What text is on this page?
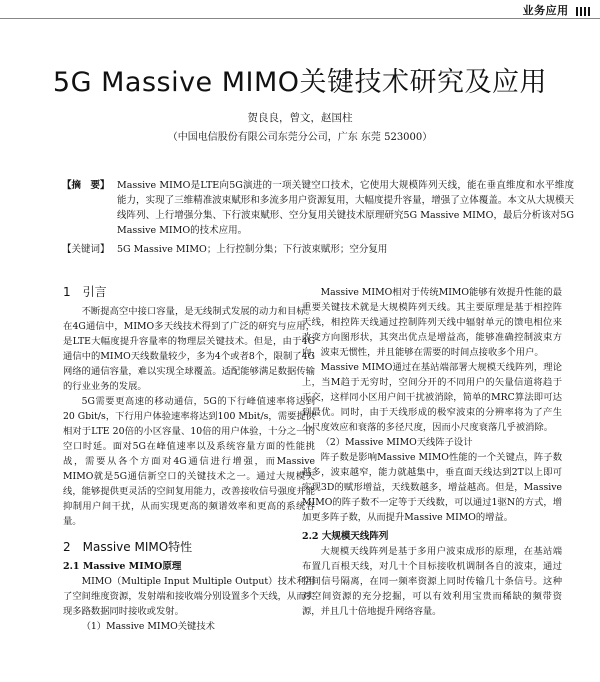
业务应用
5G Massive MIMO关键技术研究及应用
贺良良，曾文，赵国柱
（中国电信股份有限公司东莞分公司，广东 东莞 523000）
【摘　要】 Massive MIMO是LTE向5G演进的一项关键空口技术，它使用大规模阵列天线，能在垂直维度和水平维度能力，实现了三维精准波束赋形和多流多用户资源复用，大幅度提升容量，增强了立体覆盖。本文从大规模天线阵列、上行增强分集、下行波束赋形、空分复用关键技术原理研究5G Massive MIMO，最后分析该对5G Massive MIMO的技术应用。
【关键词】 5G Massive MIMO；上行控制分集；下行波束赋形；空分复用
1　引言

不断提高空中接口容量，是无线制式发展的动力和目标。在4G通信中，MIMO多天线技术得到了广泛的研究与应用，是LTE大幅度提升容量率的物理层关键技术。但是，由于4G通信中的MIMO天线数量较少，多为4个或者8个，限制了4G网络的通信容量，难以实现全球覆盖。适配能够满足数据传输的行业业务的发展。

5G需要更高速的移动通信，5G的下行峰值速率将达到20 Gbit/s，下行用户体验速率将达到100 Mbit/s，需要提供相对于LTE 20倍的小区容量、10倍的用户体验，十分之一的空口时延。面对5G在峰值速率以及系统容量方面的性能挑战，需要从各个方面对4G通信进行增强，而Massive MIMO就是5G通信新空口的关键技术之一。通过大规模天线，能够提供更灵活的空间复用能力，改善接收信号强度并能抑制用户间干扰，从而实现更高的频谱效率和更高的系统容量。

2　Massive MIMO特性
2.1 Massive MIMO原理

MIMO（Multiple Input Multiple Output）技术利用了空间维度资源，发射端和接收端分别设置多个天线，从而实现多路数据同时接收或发射。

（1）Massive MIMO关键技术

Massive MIMO相对于传统MIMO能够有效提升性能的最重要关键技术就是大规模阵列天线。其主要原理是基于相控阵天线，相控阵天线通过控制阵列天线中辐射单元的馈电相位来改变方向图形状，其突出优点是增益高，能够准确控制波束方向，波束无惯性，并且能够在需要的时间点接收多个用户。

Massive MIMO通过在基站端部署大规模天线阵列，理论上，当M趋于无穷时，空间分开的不同用户的矢量信道将趋于正交，这样同小区用户间干扰被消除，简单的MRC算法即可达到最优。同时，由于天线形成的极窄波束的分辨率将为了产生小尺度效应和衰落的多径尺度，因而小尺度衰落几乎被消除。

（2）Massive MIMO天线阵子设计

阵子数是影响Massive MIMO性能的一个关键点，阵子数越多，波束越窄，能力就越集中，垂直面天线达到2T以上即可实现3D的赋形增益，天线数越多，增益越高。但是，Massive MIMO的阵子数不一定等于天线数，可以通过1驱N的方式，增加更多阵子数，从而提升Massive MIMO的增益。

2.2 大规模天线阵列

大规模天线阵列是基于多用户波束成形的原理，在基站端布置几百根天线，对几十个目标接收机调制各自的波束，通过空间信号隔离，在同一频率资源上同时传输几十条信号。这种对空间资源的充分挖掘，可以有效利用宝贵而稀缺的频带资源，并且几十倍地提升网络容量。
